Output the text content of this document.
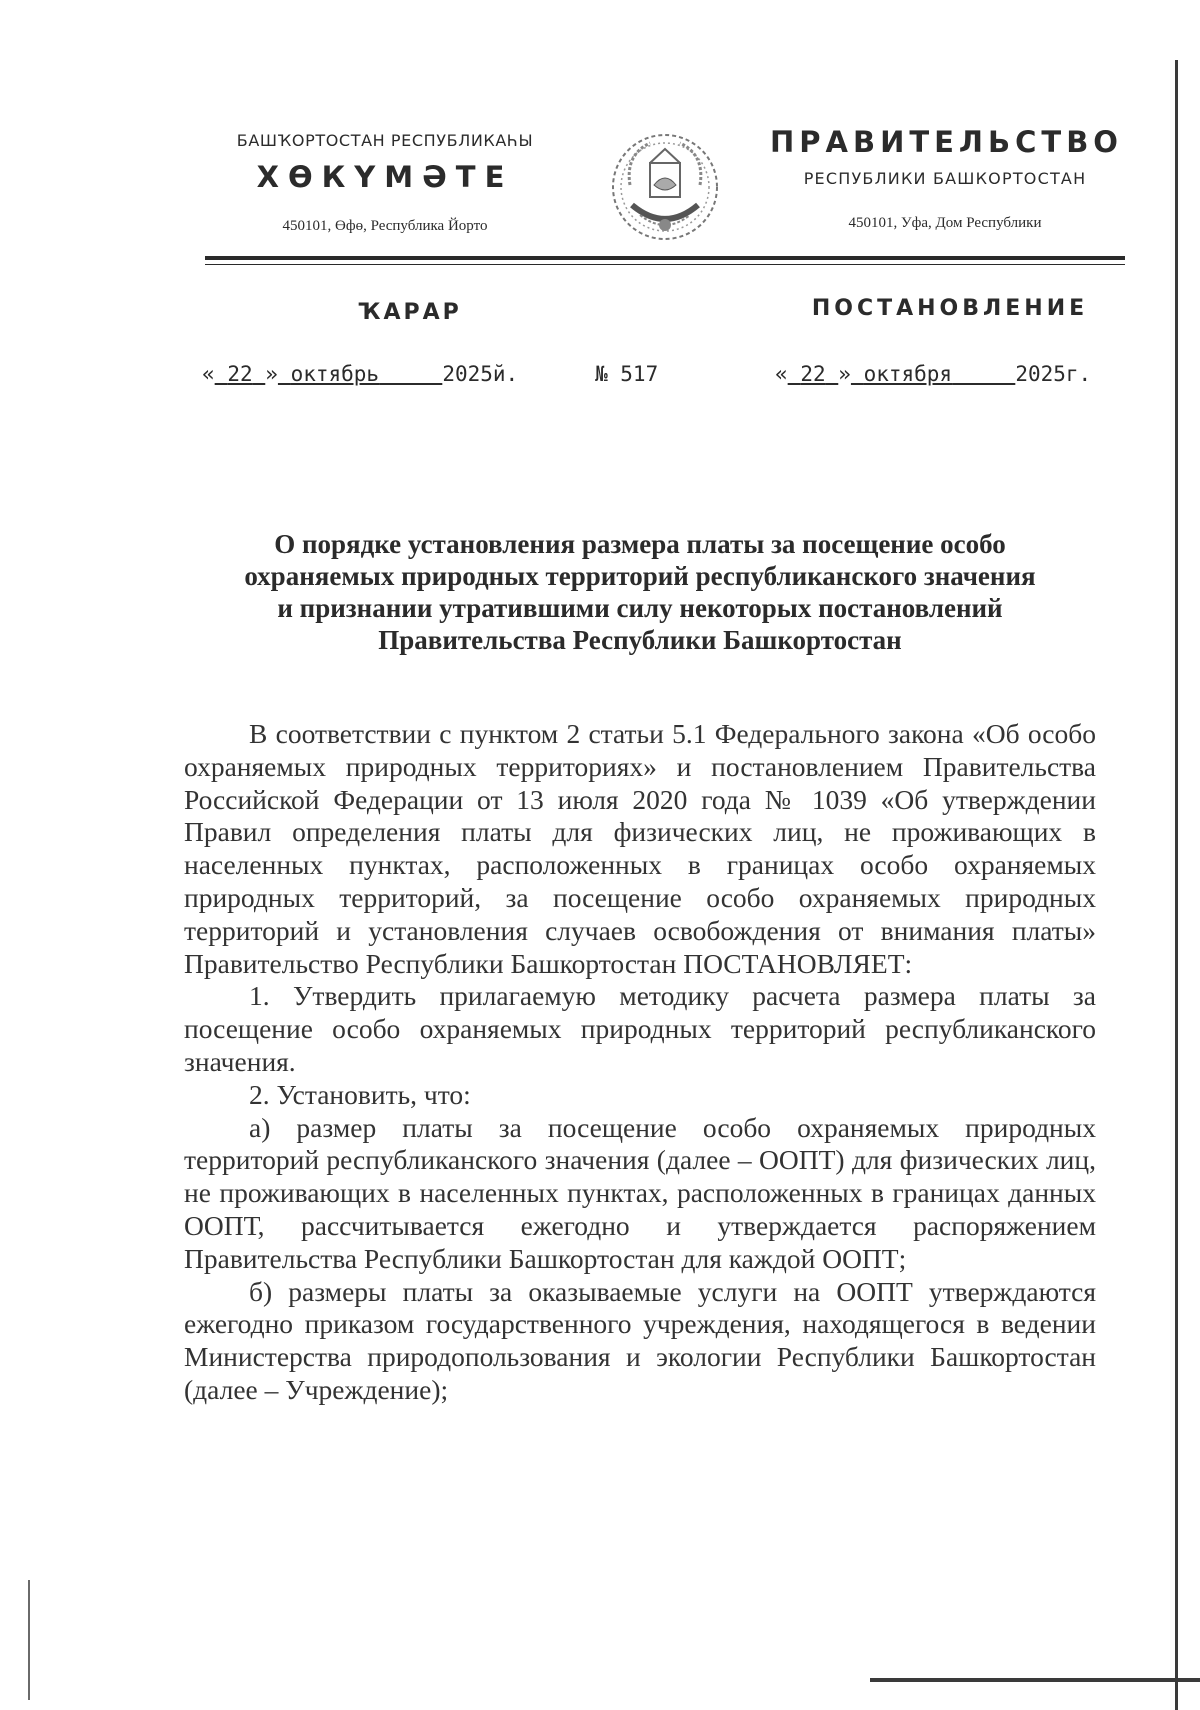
БАШҠОРТОСТАН РЕСПУБЛИКАҺЫ
ХӨКҮМӘТЕ
450101, Өфө, Республика Йорто
ПРАВИТЕЛЬСТВО
РЕСПУБЛИКИ БАШКОРТОСТАН
450101, Уфа, Дом Республики
ҠАРАР	ПОСТАНОВЛЕНИЕ
« 22 » октябрь	2025й.	№ 517	« 22 » октября	2025г.
О порядке установления размера платы за посещение особо
охраняемых природных территорий республиканского значения
и признании утратившими силу некоторых постановлений
Правительства Республики Башкортостан

В соответствии с пунктом 2 статьи 5.1 Федерального закона «Об особо охраняемых природных территориях» и постановлением Правительства Российской Федерации от 13 июля 2020 года № 1039 «Об утверждении Правил определения платы для физических лиц, не проживающих в населенных пунктах, расположенных в границах особо охраняемых природных территорий, за посещение особо охраняемых природных территорий и установления случаев освобождения от внимания платы» Правительство Республики Башкортостан ПОСТАНОВЛЯЕТ:

1. Утвердить прилагаемую методику расчета размера платы за посещение особо охраняемых природных территорий республиканского значения.

2. Установить, что:

а) размер платы за посещение особо охраняемых природных территорий республиканского значения (далее – ООПТ) для физических лиц, не проживающих в населенных пунктах, расположенных в границах данных ООПТ, рассчитывается ежегодно и утверждается распоряжением Правительства Республики Башкортостан для каждой ООПТ;

б) размеры платы за оказываемые услуги на ООПТ утверждаются ежегодно приказом государственного учреждения, находящегося в ведении Министерства природопользования и экологии Республики Башкортостан (далее – Учреждение);
